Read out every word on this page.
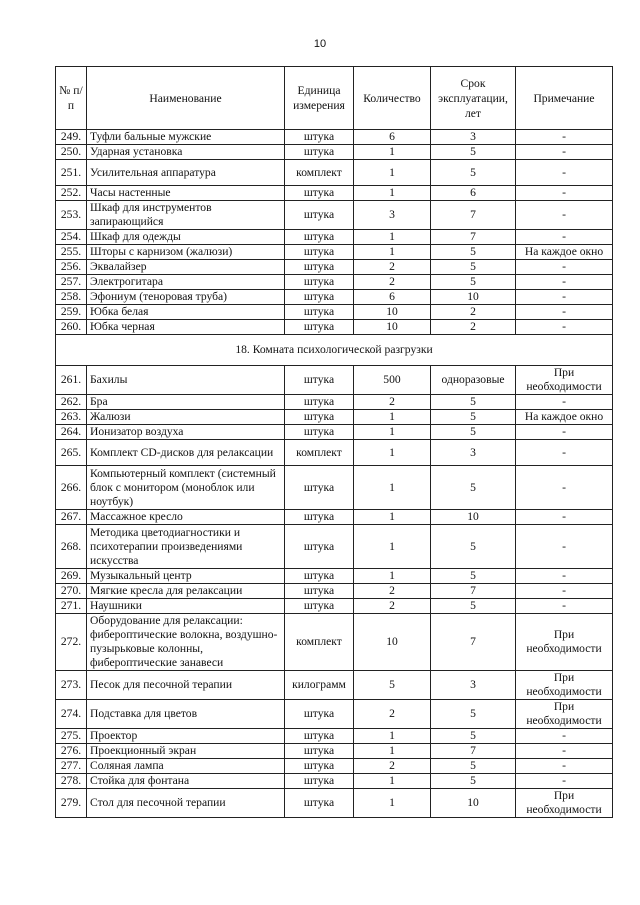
10
№ п/п	Наименование	Единица измерения	Количество	Срок эксплуатации, лет	Примечание
249.	Туфли бальные мужские	штука	6	3	-
250.	Ударная установка	штука	1	5	-
251.	Усилительная аппаратура	комплект	1	5	-
252.	Часы настенные	штука	1	6	-
253.	Шкаф для инструментов запирающийся	штука	3	7	-
254.	Шкаф для одежды	штука	1	7	-
255.	Шторы с карнизом (жалюзи)	штука	1	5	На каждое окно
256.	Эквалайзер	штука	2	5	-
257.	Электрогитара	штука	2	5	-
258.	Эфониум (теноровая труба)	штука	6	10	-
259.	Юбка белая	штука	10	2	-
260.	Юбка черная	штука	10	2	-
18. Комната психологической разгрузки					
261.	Бахилы	штука	500	одноразовые	При необходимости
262.	Бра	штука	2	5	-
263.	Жалюзи	штука	1	5	На каждое окно
264.	Ионизатор воздуха	штука	1	5	-
265.	Комплект CD-дисков для релаксации	комплект	1	3	-
266.	Компьютерный комплект (системный блок с монитором (моноблок или ноутбук)	штука	1	5	-
267.	Массажное кресло	штука	1	10	-
268.	Методика цветодиагностики и психотерапии произведениями искусства	штука	1	5	-
269.	Музыкальный центр	штука	1	5	-
270.	Мягкие кресла для релаксации	штука	2	7	-
271.	Наушники	штука	2	5	-
272.	Оборудование для релаксации: фибероптические волокна, воздушно-пузырьковые колонны, фибероптические занавеси	комплект	10	7	При необходимости
273.	Песок для песочной терапии	килограмм	5	3	При необходимости
274.	Подставка для цветов	штука	2	5	При необходимости
275.	Проектор	штука	1	5	-
276.	Проекционный экран	штука	1	7	-
277.	Соляная лампа	штука	2	5	-
278.	Стойка для фонтана	штука	1	5	-
279.	Стол для песочной терапии	штука	1	10	При необходимости
